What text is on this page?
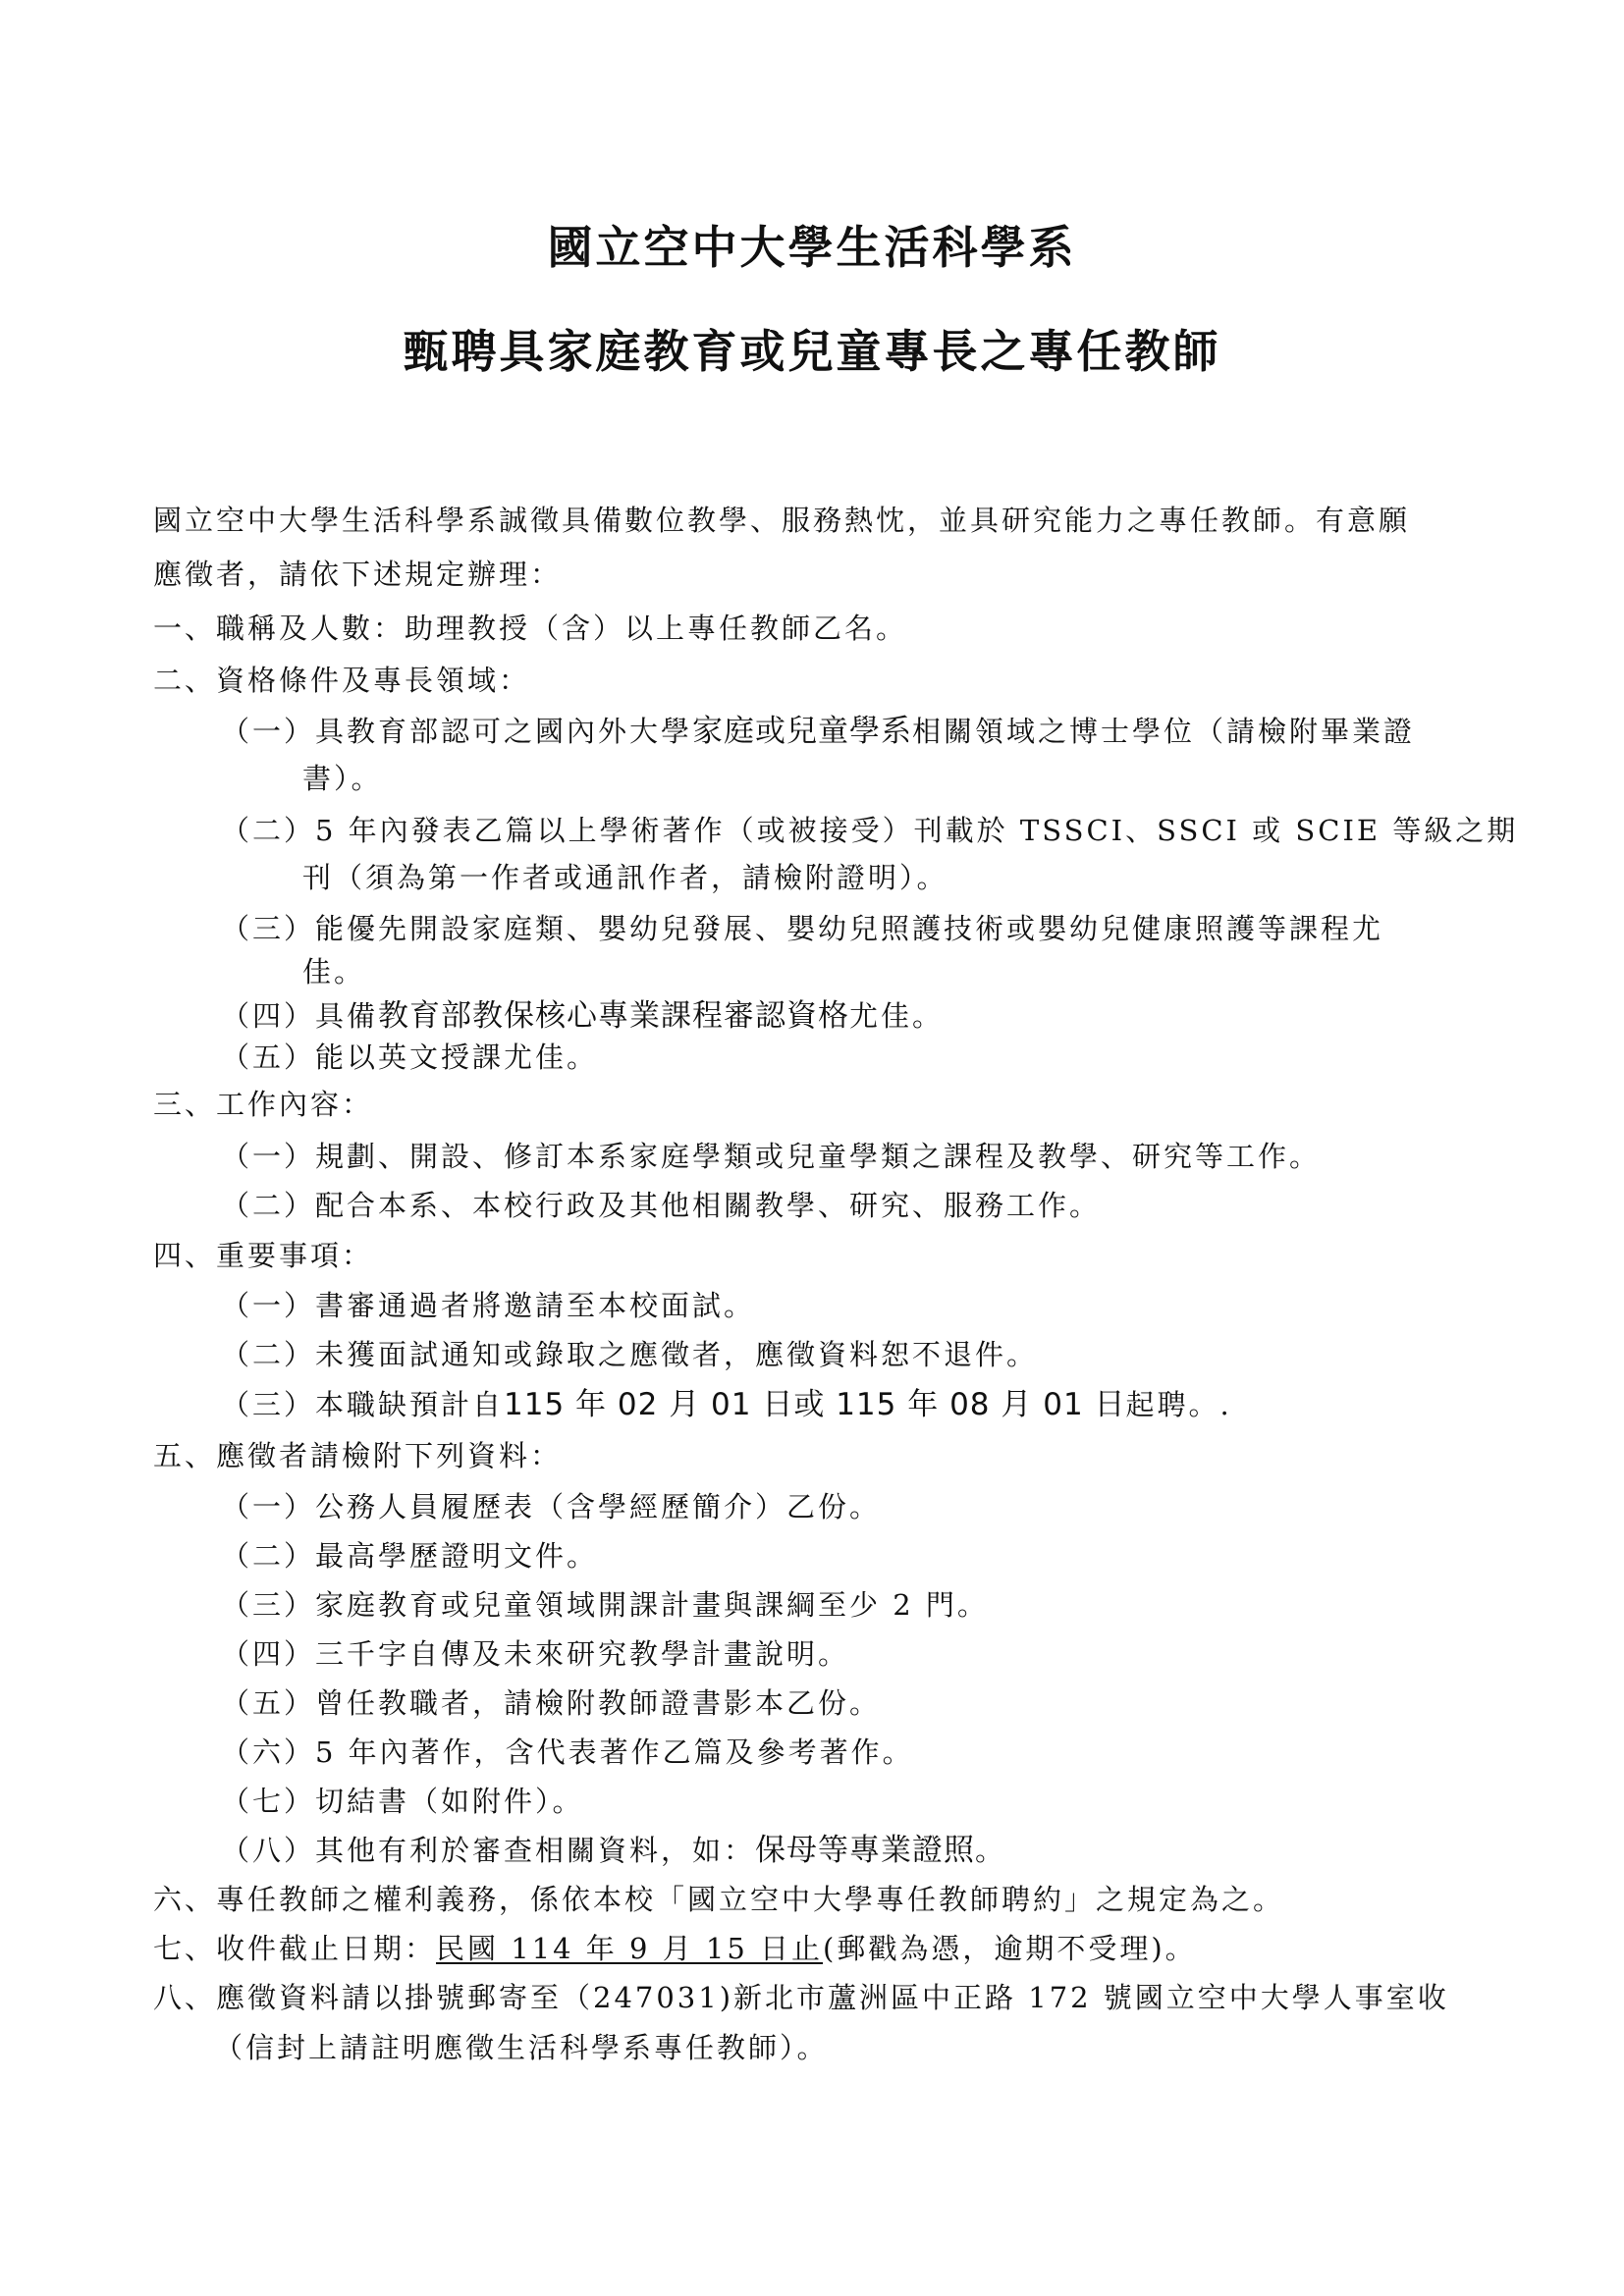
國立空中大學生活科學系
甄聘具家庭教育或兒童專長之專任教師
國立空中大學生活科學系誠徵具備數位教學、服務熱忱，並具研究能力之專任教師。有意願
應徵者，請依下述規定辦理：
一、職稱及人數：助理教授（含）以上專任教師乙名。
二、資格條件及專長領域：
（一）具教育部認可之國內外大學家庭或兒童學系相關領域之博士學位（請檢附畢業證
書）。
（二）5 年內發表乙篇以上學術著作（或被接受）刊載於 TSSCI、SSCI 或 SCIE 等級之期
刊（須為第一作者或通訊作者，請檢附證明）。
（三）能優先開設家庭類、嬰幼兒發展、嬰幼兒照護技術或嬰幼兒健康照護等課程尤
佳。
（四）具備教育部教保核心專業課程審認資格尤佳。
（五）能以英文授課尤佳。
三、工作內容：
（一）規劃、開設、修訂本系家庭學類或兒童學類之課程及教學、研究等工作。
（二）配合本系、本校行政及其他相關教學、研究、服務工作。
四、重要事項：
（一）書審通過者將邀請至本校面試。
（二）未獲面試通知或錄取之應徵者，應徵資料恕不退件。
（三）本職缺預計自115 年 02 月 01 日或 115 年 08 月 01 日起聘。.
五、應徵者請檢附下列資料：
（一）公務人員履歷表（含學經歷簡介）乙份。
（二）最高學歷證明文件。
（三）家庭教育或兒童領域開課計畫與課綱至少 2 門。
（四）三千字自傳及未來研究教學計畫說明。
（五）曾任教職者，請檢附教師證書影本乙份。
（六）5 年內著作，含代表著作乙篇及參考著作。
（七）切結書（如附件）。
（八）其他有利於審查相關資料，如：保母等專業證照。
六、專任教師之權利義務，係依本校「國立空中大學專任教師聘約」之規定為之。
七、收件截止日期：民國 114 年 9 月 15 日止(郵戳為憑，逾期不受理)。
八、應徵資料請以掛號郵寄至（247031)新北市蘆洲區中正路 172 號國立空中大學人事室收
（信封上請註明應徵生活科學系專任教師）。
